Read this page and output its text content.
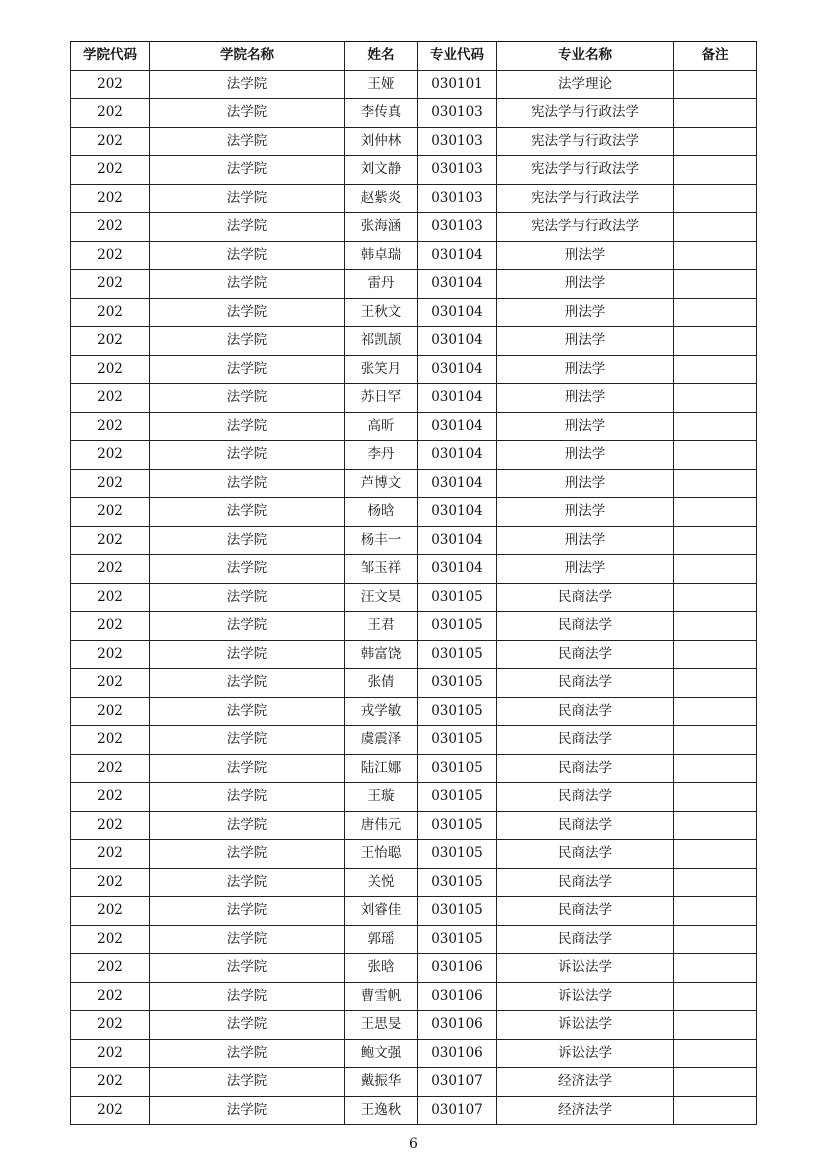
学院代码	学院名称	姓名	专业代码	专业名称	备注
202	法学院	王娅	030101	法学理论	
202	法学院	李传真	030103	宪法学与行政法学	
202	法学院	刘仲林	030103	宪法学与行政法学	
202	法学院	刘文静	030103	宪法学与行政法学	
202	法学院	赵紫炎	030103	宪法学与行政法学	
202	法学院	张海涵	030103	宪法学与行政法学	
202	法学院	韩卓瑞	030104	刑法学	
202	法学院	雷丹	030104	刑法学	
202	法学院	王秋文	030104	刑法学	
202	法学院	祁凯颉	030104	刑法学	
202	法学院	张笑月	030104	刑法学	
202	法学院	苏日罕	030104	刑法学	
202	法学院	高昕	030104	刑法学	
202	法学院	李丹	030104	刑法学	
202	法学院	芦博文	030104	刑法学	
202	法学院	杨晗	030104	刑法学	
202	法学院	杨丰一	030104	刑法学	
202	法学院	邹玉祥	030104	刑法学	
202	法学院	汪文昊	030105	民商法学	
202	法学院	王君	030105	民商法学	
202	法学院	韩富饶	030105	民商法学	
202	法学院	张倩	030105	民商法学	
202	法学院	戎学敏	030105	民商法学	
202	法学院	虞震泽	030105	民商法学	
202	法学院	陆江娜	030105	民商法学	
202	法学院	王璇	030105	民商法学	
202	法学院	唐伟元	030105	民商法学	
202	法学院	王怡聪	030105	民商法学	
202	法学院	关悦	030105	民商法学	
202	法学院	刘睿佳	030105	民商法学	
202	法学院	郭瑶	030105	民商法学	
202	法学院	张晗	030106	诉讼法学	
202	法学院	曹雪帆	030106	诉讼法学	
202	法学院	王思旻	030106	诉讼法学	
202	法学院	鲍文强	030106	诉讼法学	
202	法学院	戴振华	030107	经济法学	
202	法学院	王逸秋	030107	经济法学	
6
